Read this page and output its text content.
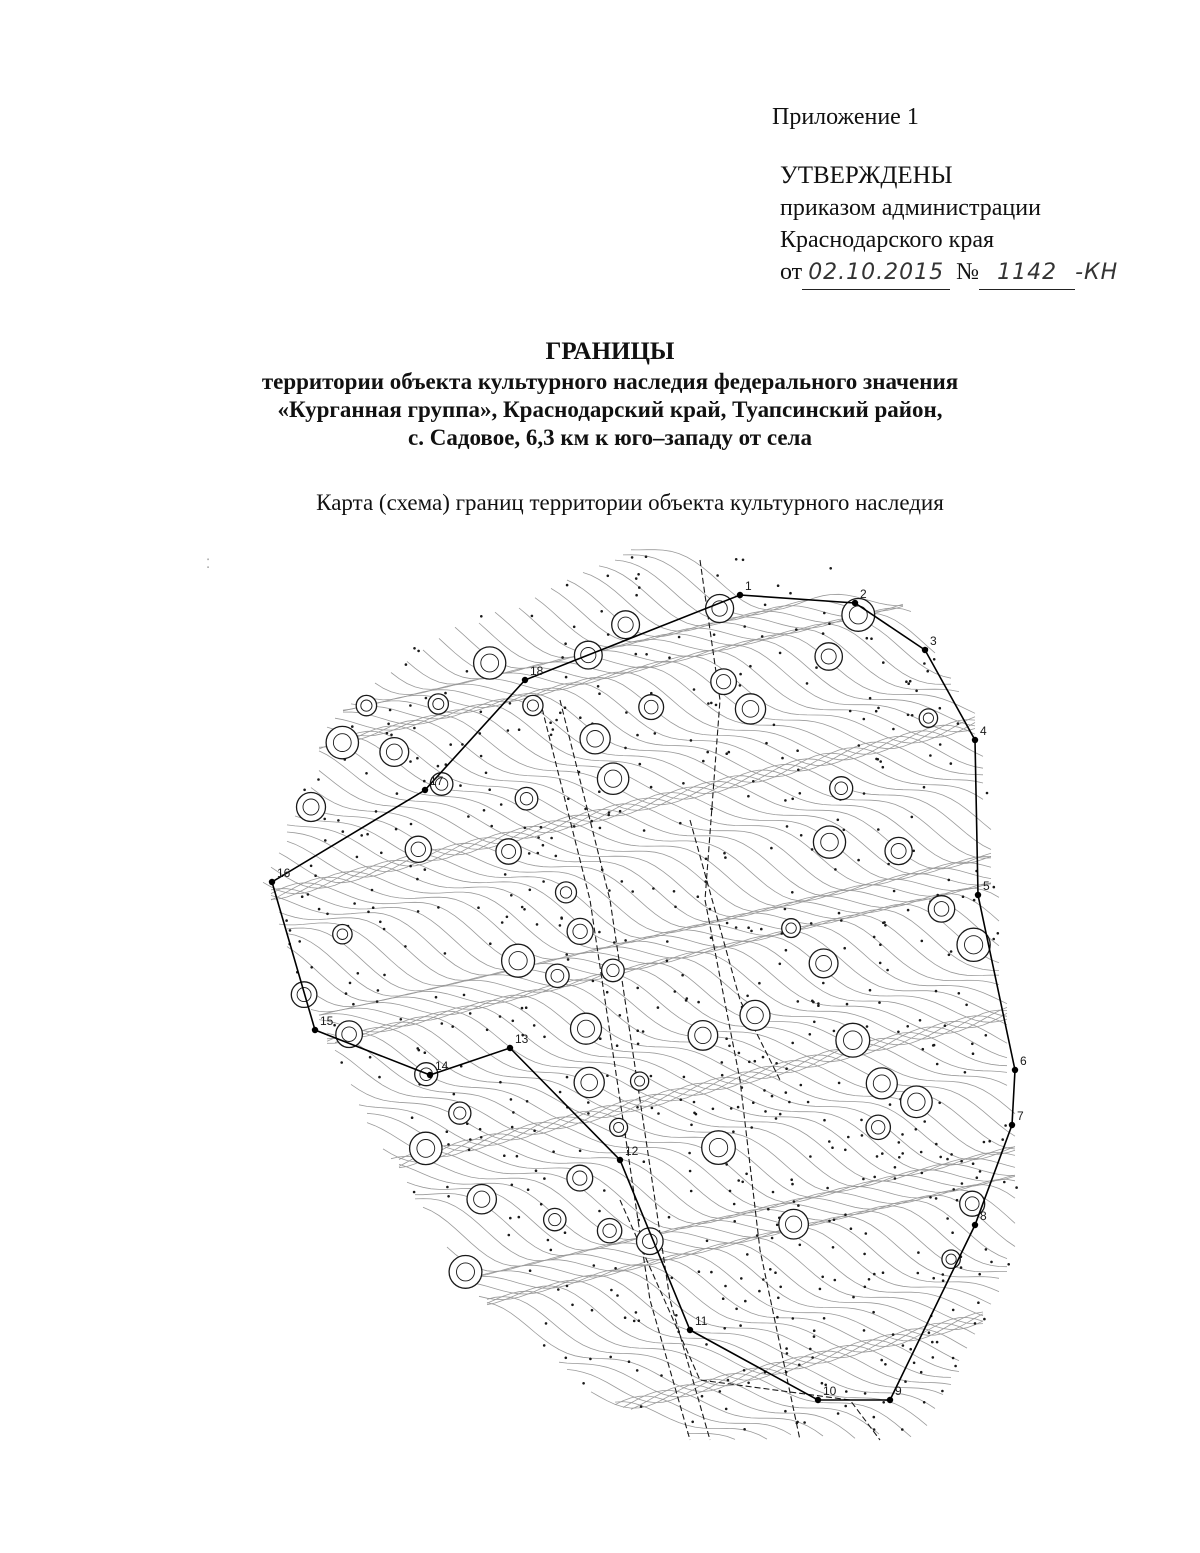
Приложение 1
УТВЕРЖДЕНЫ
приказом администрации
Краснодарского края
от 02.10.2015 № 1142 -КН
ГРАНИЦЫ
территории объекта культурного наследия федерального значения
«Курганная группа», Краснодарский край, Туапсинский район,
с. Садовое, 6,3 км к юго–западу от села
Карта (схема) границ территории объекта культурного наследия
⁚
1
2
3
4
5
6
7
8
9
10
11
12
13
14
15
16
17
18
